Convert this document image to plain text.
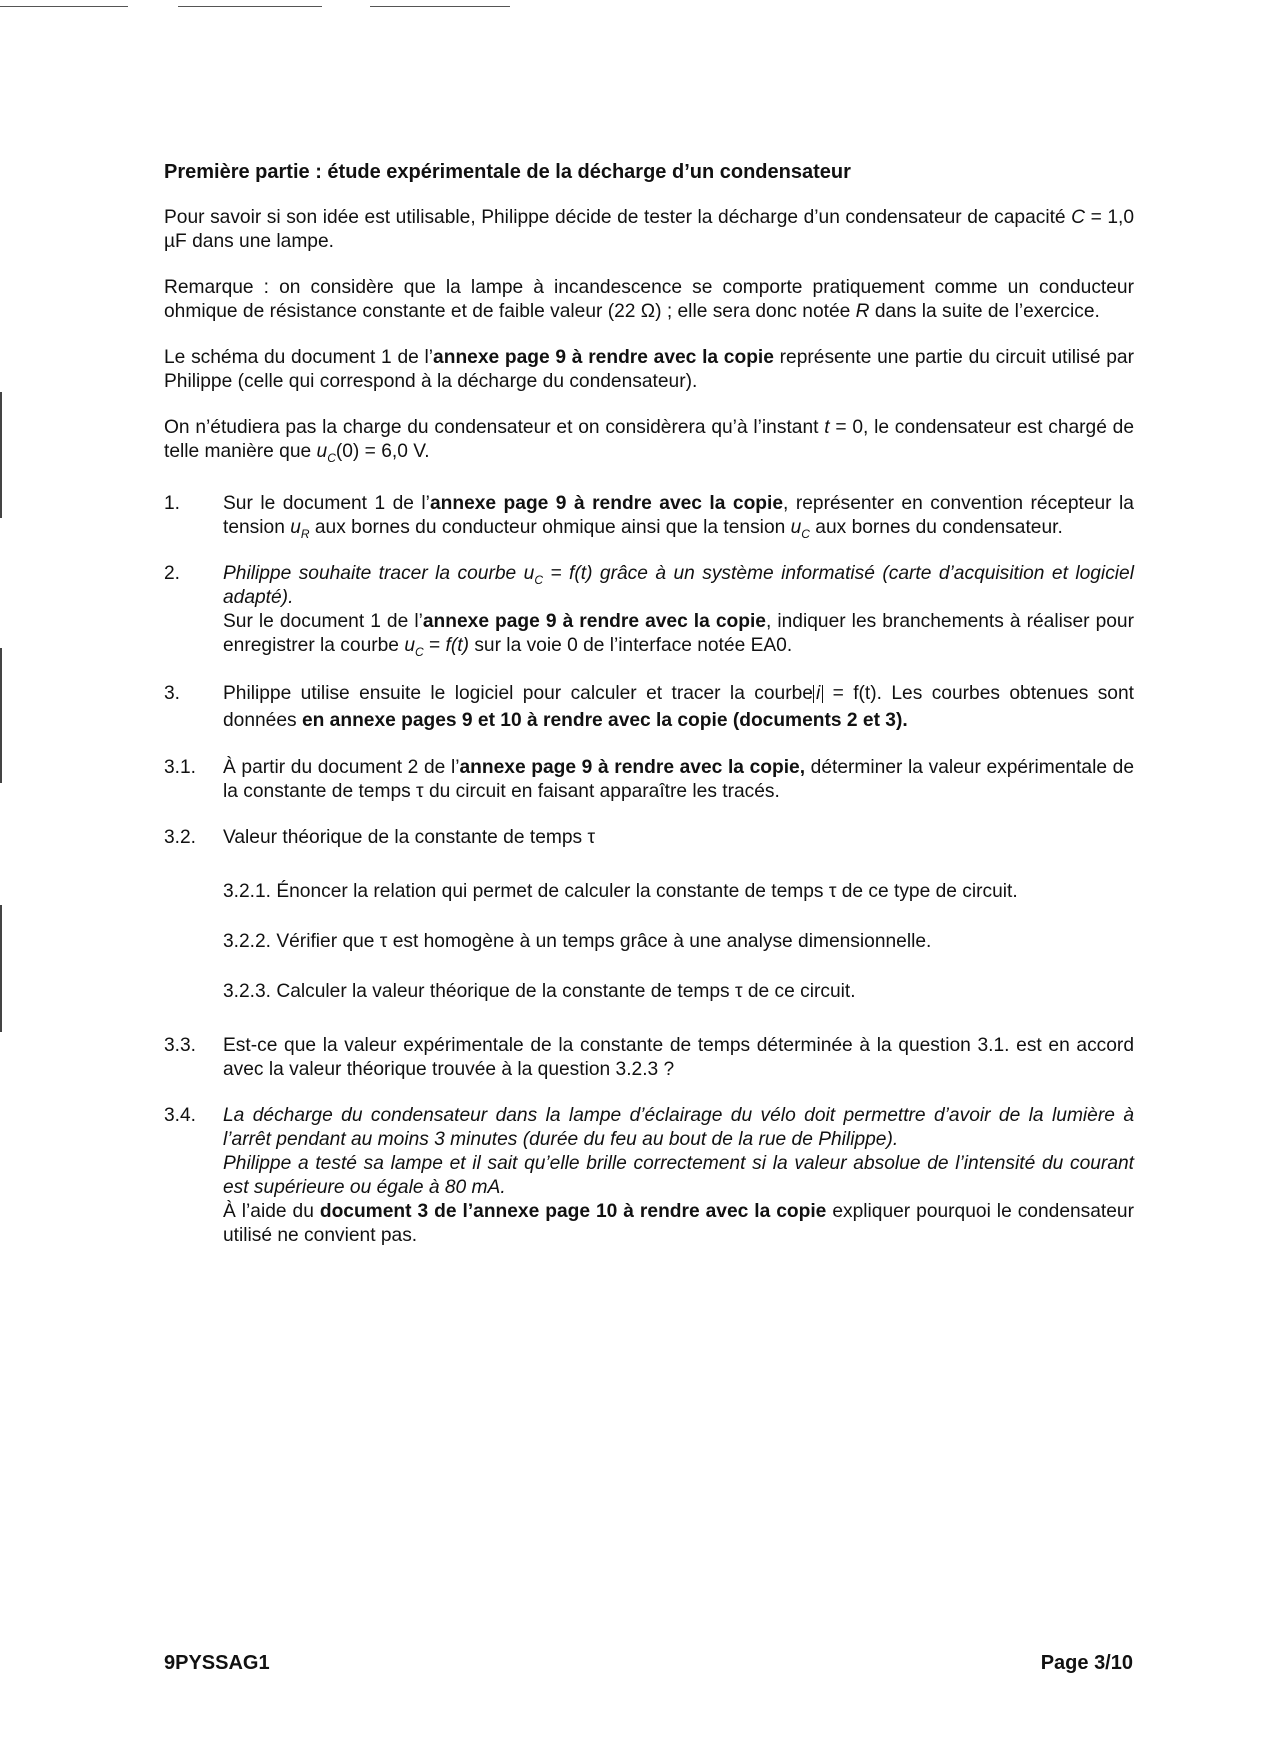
Première partie : étude expérimentale de la décharge d’un condensateur

Pour savoir si son idée est utilisable, Philippe décide de tester la décharge d’un condensateur de capacité C = 1,0 µF dans une lampe.

Remarque : on considère que la lampe à incandescence se comporte pratiquement comme un conducteur ohmique de résistance constante et de faible valeur (22 Ω) ; elle sera donc notée R dans la suite de l’exercice.

Le schéma du document 1 de l’annexe page 9 à rendre avec la copie représente une partie du circuit utilisé par Philippe (celle qui correspond à la décharge du condensateur).

On n’étudiera pas la charge du condensateur et on considèrera qu’à l’instant t = 0, le condensateur est chargé de telle manière que $u_C(0) = 6,0$ V.

1. Sur le document 1 de l’annexe page 9 à rendre avec la copie, représenter en convention récepteur la tension $u_R$ aux bornes du conducteur ohmique ainsi que la tension $u_C$ aux bornes du condensateur.
2. Philippe souhaite tracer la courbe $u_C = f(t)$ grâce à un système informatisé (carte d’acquisition et logiciel adapté).
Sur le document 1 de l’annexe page 9 à rendre avec la copie, indiquer les branchements à réaliser pour enregistrer la courbe $u_C = f(t)$ sur la voie 0 de l’interface notée EA0.
3. Philippe utilise ensuite le logiciel pour calculer et tracer la courbe i = f(t). Les courbes obtenues sont données en annexe pages 9 et 10 à rendre avec la copie (documents 2 et 3).
3.1. À partir du document 2 de l’annexe page 9 à rendre avec la copie, déterminer la valeur expérimentale de la constante de temps τ du circuit en faisant apparaître les tracés.
3.2. Valeur théorique de la constante de temps τ
3.2.1. Énoncer la relation qui permet de calculer la constante de temps τ de ce type de circuit.
3.2.2. Vérifier que τ est homogène à un temps grâce à une analyse dimensionnelle.
3.2.3. Calculer la valeur théorique de la constante de temps τ de ce circuit.
3.3. Est-ce que la valeur expérimentale de la constante de temps déterminée à la question 3.1. est en accord avec la valeur théorique trouvée à la question 3.2.3 ?
3.4. La décharge du condensateur dans la lampe d’éclairage du vélo doit permettre d’avoir de la lumière à l’arrêt pendant au moins 3 minutes (durée du feu au bout de la rue de Philippe).
Philippe a testé sa lampe et il sait qu’elle brille correctement si la valeur absolue de l’intensité du courant est supérieure ou égale à 80 mA.
À l’aide du document 3 de l’annexe page 10 à rendre avec la copie expliquer pourquoi le condensateur utilisé ne convient pas.
9PYSSAG1	Page 3/10
